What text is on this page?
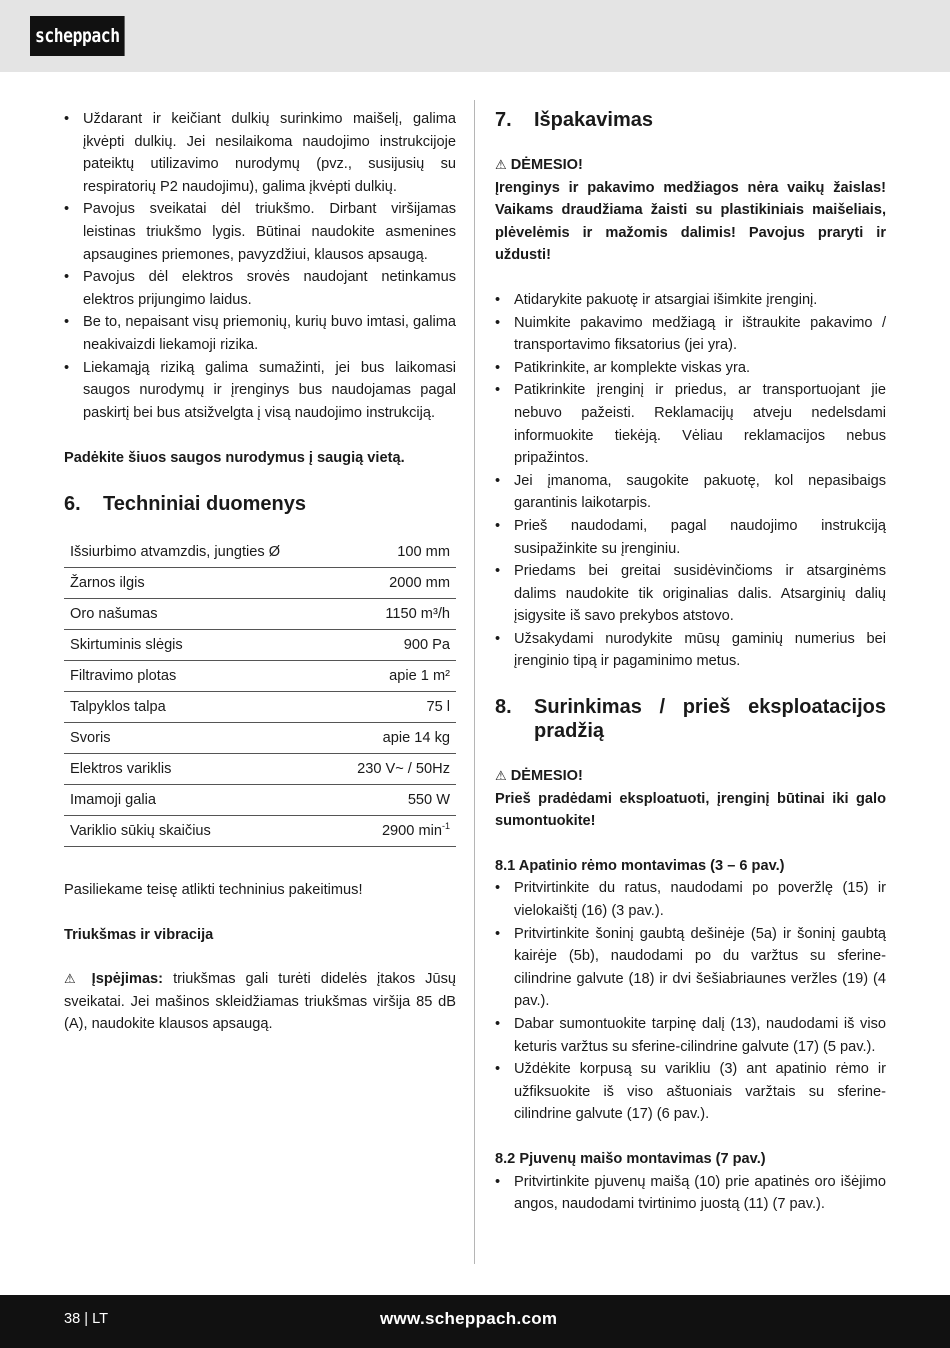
scheppach
• Uždarant ir keičiant dulkių surinkimo maišelį, galima įkvėpti dulkių. Jei nesilaikoma naudojimo instrukcijoje pateiktų utilizavimo nurodymų (pvz., susijusių su respiratorių P2 naudojimu), galima įkvėpti dulkių.
• Pavojus sveikatai dėl triukšmo. Dirbant viršijamas leistinas triukšmo lygis. Būtinai naudokite asmenines apsaugines priemones, pavyzdžiui, klausos apsaugą.
• Pavojus dėl elektros srovės naudojant netinkamus elektros prijungimo laidus.
• Be to, nepaisant visų priemonių, kurių buvo imtasi, galima neakivaizdi liekamoji rizika.
• Liekamąją riziką galima sumažinti, jei bus laikomasi saugos nurodymų ir įrenginys bus naudojamas pagal paskirtį bei bus atsižvelgta į visą naudojimo instrukciją.

Padėkite šiuos saugos nurodymus į saugią vietą.

6.	Techniniai duomenys
Išsiurbimo atvamzdis, jungties Ø	100 mm
Žarnos ilgis	2000 mm
Oro našumas	1150 m³/h
Skirtuminis slėgis	900 Pa
Filtravimo plotas	apie 1 m²
Talpyklos talpa	75 l
Svoris	apie 14 kg
Elektros variklis	230 V~ / 50Hz
Imamoji galia	550 W
Variklio sūkių skaičius	2900 $\min^{-1}$

Pasiliekame teisę atlikti techninius pakeitimus!

Triukšmas ir vibracija

⚠ Įspėjimas: triukšmas gali turėti didelės įtakos Jūsų sveikatai. Jei mašinos skleidžiamas triukšmas viršija 85 dB (A), naudokite klausos apsaugą.

7.	Išpakavimas

⚠ DĖMESIO!

Įrenginys ir pakavimo medžiagos nėra vaikų žaislas! Vaikams draudžiama žaisti su plastikiniais maišeliais, plėvelėmis ir mažomis dalimis! Pavojus praryti ir uždusti!

• Atidarykite pakuotę ir atsargiai išimkite įrenginį.
• Nuimkite pakavimo medžiagą ir ištraukite pakavimo / transportavimo fiksatorius (jei yra).
• Patikrinkite, ar komplekte viskas yra.
• Patikrinkite įrenginį ir priedus, ar transportuojant jie nebuvo pažeisti. Reklamacijų atveju nedelsdami informuokite tiekėją. Vėliau reklamacijos nebus pripažintos.
• Jei įmanoma, saugokite pakuotę, kol nepasibaigs garantinis laikotarpis.
• Prieš naudodami, pagal naudojimo instrukciją susipažinkite su įrenginiu.
• Priedams bei greitai susidėvinčioms ir atsarginėms dalims naudokite tik originalias dalis. Atsarginių dalių įsigysite iš savo prekybos atstovo.
• Užsakydami nurodykite mūsų gaminių numerius bei įrenginio tipą ir pagaminimo metus.
8.	Surinkimas / prieš eksploatacijos pradžią

⚠ DĖMESIO!

Prieš pradėdami eksploatuoti, įrenginį būtinai iki galo sumontuokite!

8.1 Apatinio rėmo montavimas (3 – 6 pav.)

• Pritvirtinkite du ratus, naudodami po poveržlę (15) ir vielokaištį (16) (3 pav.).
• Pritvirtinkite šoninį gaubtą dešinėje (5a) ir šoninį gaubtą kairėje (5b), naudodami po du varžtus su sferine-cilindrine galvute (18) ir dvi šešiabriaunes veržles (19) (4 pav.).
• Dabar sumontuokite tarpinę dalį (13), naudodami iš viso keturis varžtus su sferine-cilindrine galvute (17) (5 pav.).
• Uždėkite korpusą su varikliu (3) ant apatinio rėmo ir užfiksuokite iš viso aštuoniais varžtais su sferine-cilindrine galvute (17) (6 pav.).

8.2 Pjuvenų maišo montavimas (7 pav.)

• Pritvirtinkite pjuvenų maišą (10) prie apatinės oro išėjimo angos, naudodami tvirtinimo juostą (11) (7 pav.).
38 | LT	www.scheppach.com
